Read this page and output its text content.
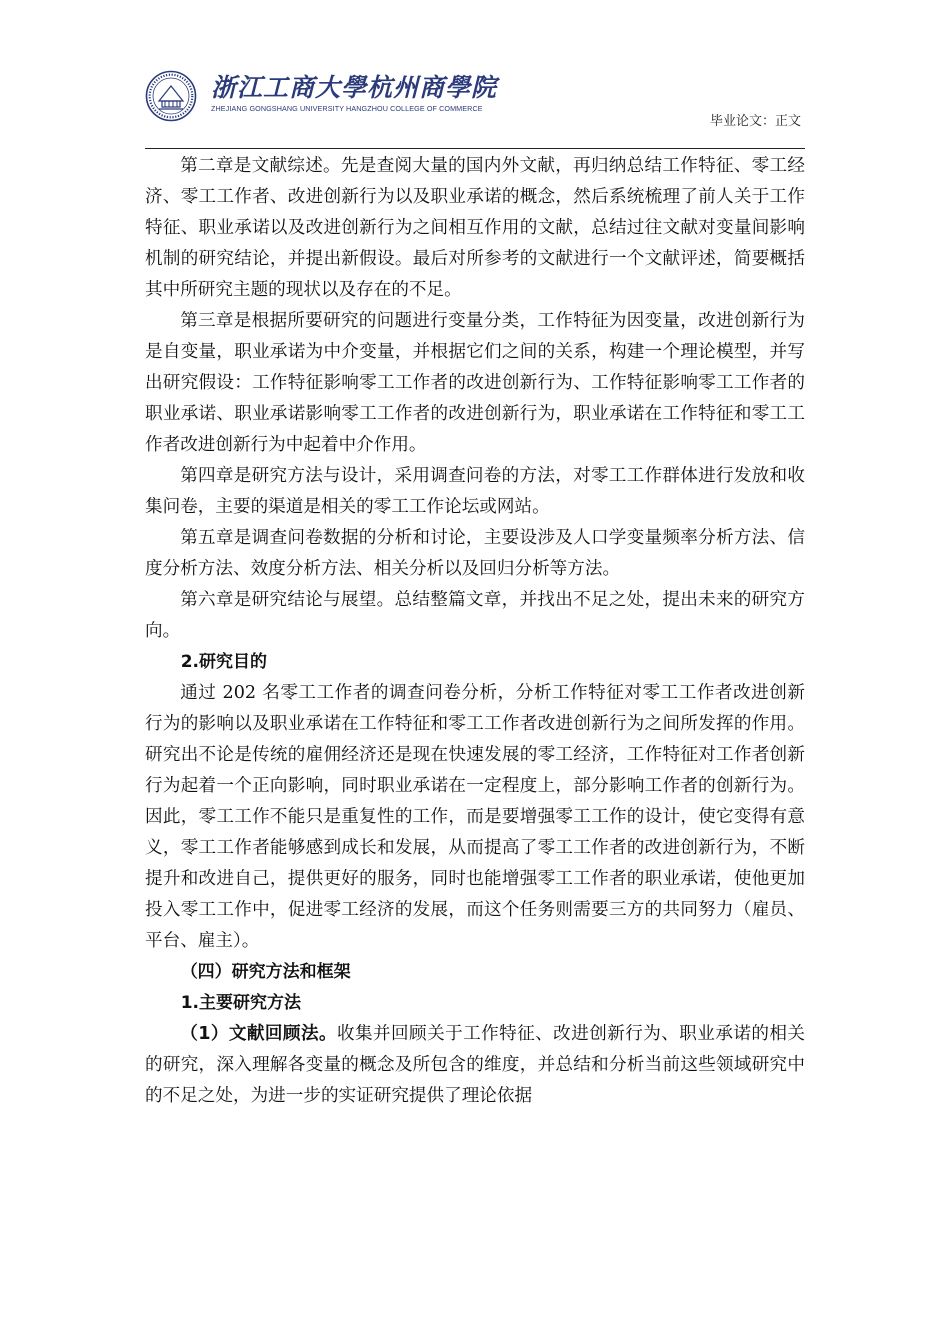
浙江工商大學杭州商學院
ZHEJIANG GONGSHANG UNIVERSITY HANGZHOU COLLEGE OF COMMERCE
毕业论文：正文

第二章是文献综述。先是查阅大量的国内外文献，再归纳总结工作特征、零工经济、零工工作者、改进创新行为以及职业承诺的概念，然后系统梳理了前人关于工作特征、职业承诺以及改进创新行为之间相互作用的文献，总结过往文献对变量间影响机制的研究结论，并提出新假设。最后对所参考的文献进行一个文献评述，简要概括其中所研究主题的现状以及存在的不足。

第三章是根据所要研究的问题进行变量分类，工作特征为因变量，改进创新行为是自变量，职业承诺为中介变量，并根据它们之间的关系，构建一个理论模型，并写出研究假设：工作特征影响零工工作者的改进创新行为、工作特征影响零工工作者的职业承诺、职业承诺影响零工工作者的改进创新行为，职业承诺在工作特征和零工工作者改进创新行为中起着中介作用。

第四章是研究方法与设计，采用调查问卷的方法，对零工工作群体进行发放和收集问卷，主要的渠道是相关的零工工作论坛或网站。

第五章是调查问卷数据的分析和讨论，主要设涉及人口学变量频率分析方法、信度分析方法、效度分析方法、相关分析以及回归分析等方法。

第六章是研究结论与展望。总结整篇文章，并找出不足之处，提出未来的研究方向。

2.研究目的

通过 202 名零工工作者的调查问卷分析，分析工作特征对零工工作者改进创新行为的影响以及职业承诺在工作特征和零工工作者改进创新行为之间所发挥的作用。研究出不论是传统的雇佣经济还是现在快速发展的零工经济，工作特征对工作者创新行为起着一个正向影响，同时职业承诺在一定程度上，部分影响工作者的创新行为。因此，零工工作不能只是重复性的工作，而是要增强零工工作的设计，使它变得有意义，零工工作者能够感到成长和发展，从而提高了零工工作者的改进创新行为，不断提升和改进自己，提供更好的服务，同时也能增强零工工作者的职业承诺，使他更加投入零工工作中，促进零工经济的发展，而这个任务则需要三方的共同努力（雇员、平台、雇主）。

（四）研究方法和框架

1.主要研究方法

（1）文献回顾法。收集并回顾关于工作特征、改进创新行为、职业承诺的相关的研究，深入理解各变量的概念及所包含的维度，并总结和分析当前这些领域研究中的不足之处，为进一步的实证研究提供了理论依据
